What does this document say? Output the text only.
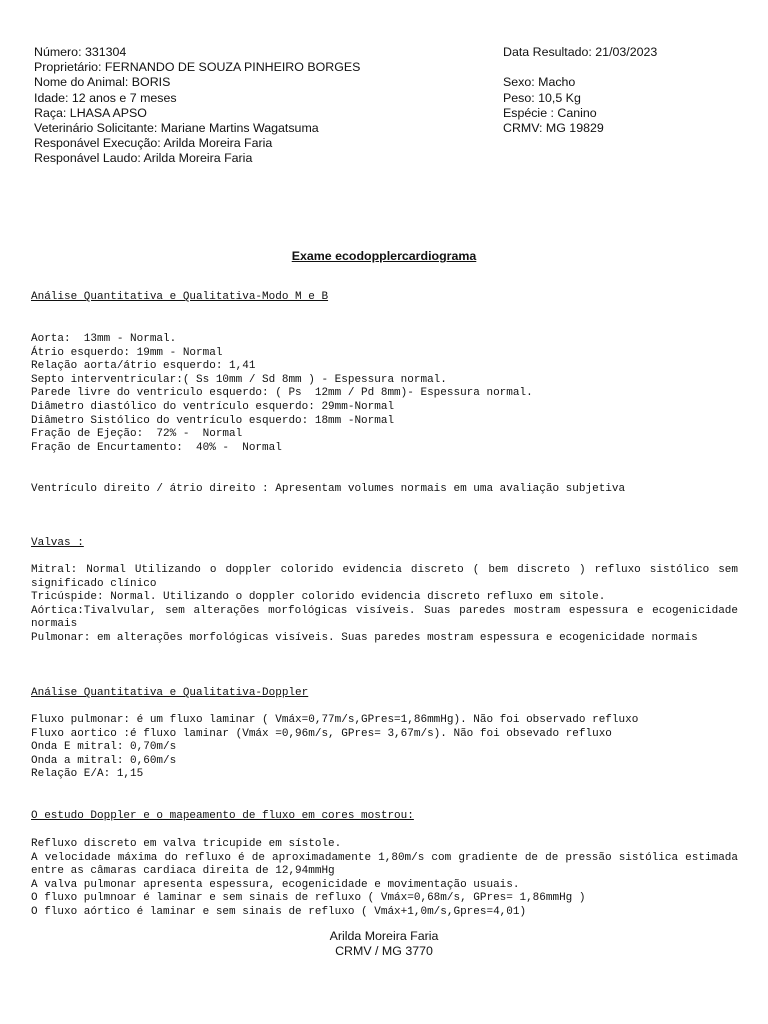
Número: 331304
Proprietário: FERNANDO DE SOUZA PINHEIRO BORGES
Nome do Animal: BORIS
Idade: 12 anos e 7 meses
Raça: LHASA APSO
Veterinário Solicitante: Mariane Martins Wagatsuma
Responável Execução: Arilda Moreira Faria
Responável Laudo: Arilda Moreira Faria
Data Resultado: 21/03/2023
Sexo: Macho
Peso: 10,5 Kg
Espécie : Canino
CRMV: MG 19829
Exame ecodopplercardiograma
Análise Quantitativa e Qualitativa-Modo M e B
Aorta:  13mm - Normal.
Átrio esquerdo: 19mm - Normal
Relação aorta/átrio esquerdo: 1,41
Septo interventricular:( Ss 10mm / Sd 8mm ) - Espessura normal.
Parede livre do ventriculo esquerdo: ( Ps  12mm / Pd 8mm)- Espessura normal.
Diâmetro diastólico do ventrículo esquerdo: 29mm-Normal
Diâmetro Sistólico do ventrículo esquerdo: 18mm -Normal
Fração de Ejeção:  72% -  Normal
Fração de Encurtamento:  40% -  Normal
Ventrículo direito / átrio direito : Apresentam volumes normais em uma avaliação subjetiva
Valvas :
Mitral: Normal Utilizando o doppler colorido evidencia discreto ( bem discreto ) refluxo sistólico sem significado clínico
Tricúspide: Normal. Utilizando o doppler colorido evidencia discreto refluxo em sitole.
Aórtica:Tivalvular, sem alterações morfológicas visíveis. Suas paredes mostram espessura e ecogenicidade normais
Pulmonar: em alterações morfológicas visíveis. Suas paredes mostram espessura e ecogenicidade normais
Análise Quantitativa e Qualitativa-Doppler
Fluxo pulmonar: é um fluxo laminar ( Vmáx=0,77m/s,GPres=1,86mmHg). Não foi observado refluxo
Fluxo aortico :é fluxo laminar (Vmáx =0,96m/s, GPres= 3,67m/s). Não foi obsevado refluxo
Onda E mitral: 0,70m/s
Onda a mitral: 0,60m/s
Relação E/A: 1,15
O estudo Doppler e o mapeamento de fluxo em cores mostrou:
Refluxo discreto em valva tricupide em sístole.
A velocidade máxima do refluxo é de aproximadamente 1,80m/s com gradiente de de pressão sistólica estimada entre as câmaras cardiaca direita de 12,94mmHg
A valva pulmonar apresenta espessura, ecogenicidade e movimentação usuais.
O fluxo pulmnoar é laminar e sem sinais de refluxo ( Vmáx=0,68m/s, GPres= 1,86mmHg )
O fluxo aórtico é laminar e sem sinais de refluxo ( Vmáx+1,0m/s,Gpres=4,01)
Arilda Moreira Faria
CRMV / MG 3770
